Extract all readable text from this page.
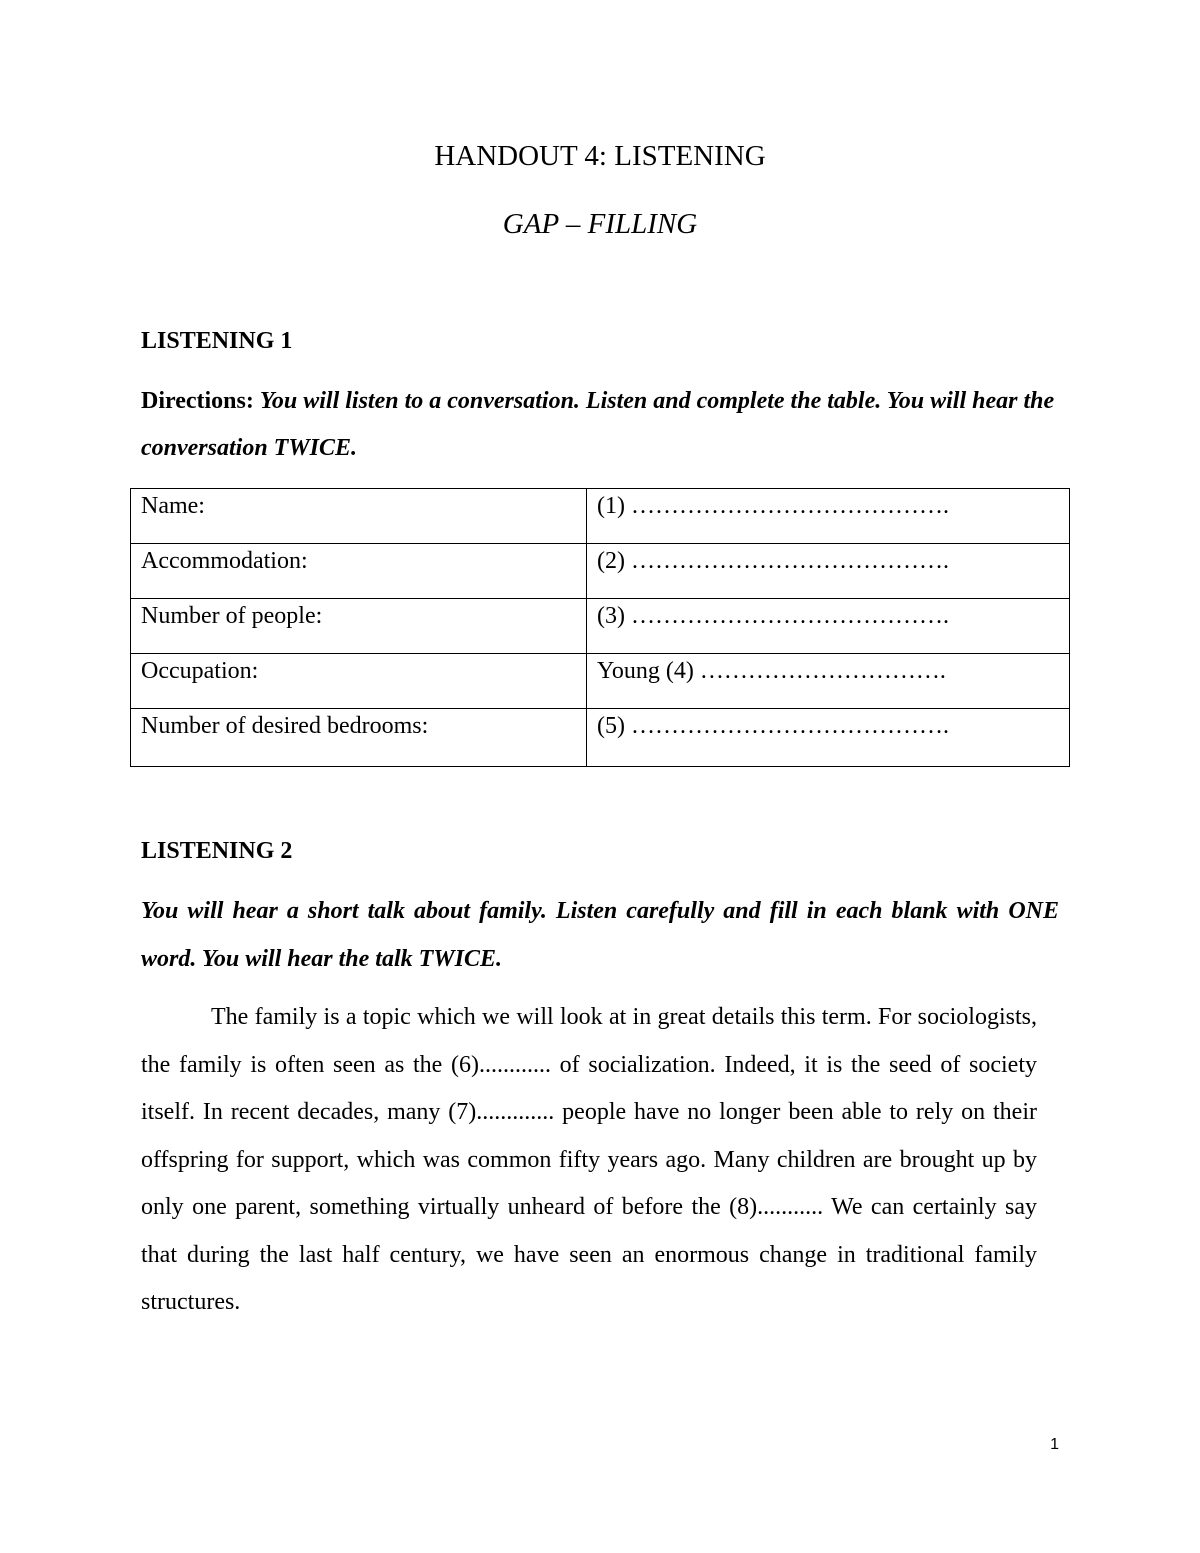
HANDOUT 4: LISTENING
GAP – FILLING
LISTENING 1

Directions: You will listen to a conversation. Listen and complete the table. You will hear the conversation TWICE.

Name:	(1) ………………………………….
Accommodation:	(2) ………………………………….
Number of people:	(3) ………………………………….
Occupation:	Young (4) ………………………….
Number of desired bedrooms:	(5) ………………………………….
LISTENING 2

You will hear a short talk about family. Listen carefully and fill in each blank with ONE word. You will hear the talk TWICE.

The family is a topic which we will look at in great details this term. For sociologists, the family is often seen as the (6)............ of socialization. Indeed, it is the seed of society itself. In recent decades, many (7)............. people have no longer been able to rely on their offspring for support, which was common fifty years ago. Many children are brought up by only one parent, something virtually unheard of before the (8)........... We can certainly say that during the last half century, we have seen an enormous change in traditional family structures.

1
